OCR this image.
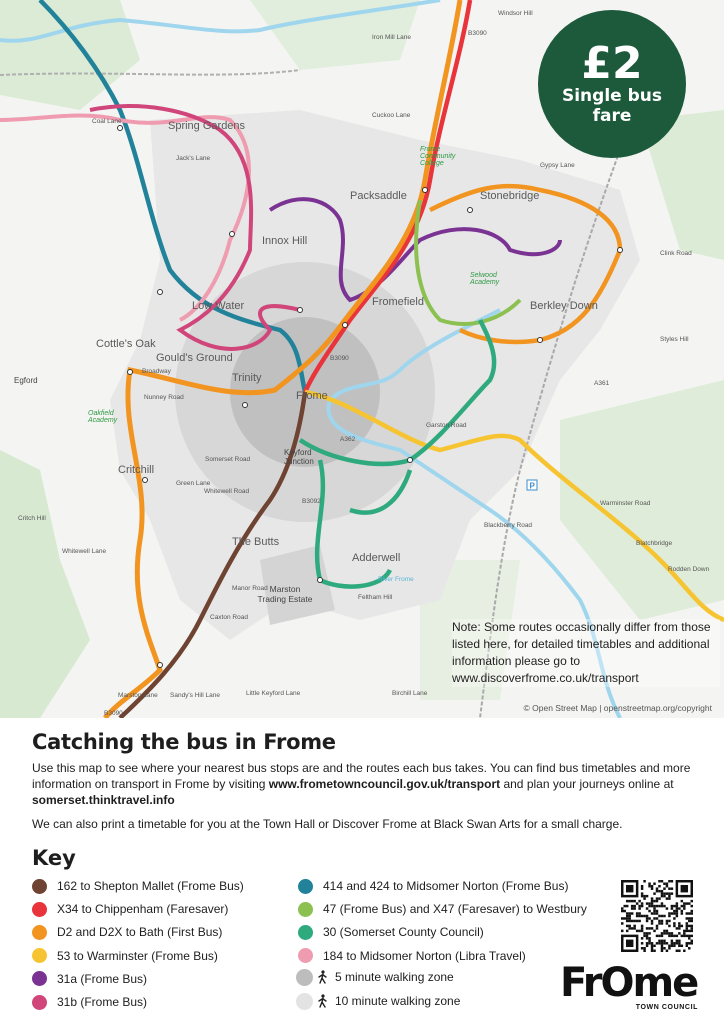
P
Spring Gardens
Innox Hill
Packsaddle	Stonebridge
Fromefield	Berkley Down
Low Water
Cottle's Oak
Gould's Ground
Trinity
Frome
Critchill
The Butts
Marston Trading Estate
Adderwell
Egford
Keyford Junction
Frome Community College
Selwood Academy
Oakfield Academy
B3090
B3090
B3092
B3090
A362
A361
Iron Mill Lane
Cuckoo Lane
Windsor Hill
Coal Lane
Jack's Lane
Nunney Road
Broadway
Somerset Road
Whitewell Road
Green Lane
Critch Hill
Whitewell Lane
Garston Road
Clink Road
Styles Hill
Warminster Road
Rodden Down
Blackberry Road
Feltham Hill
Sandy's Hill Lane	Little Keyford Lane
Manor Road
Caxton Road
Marston Lane	Birchill Lane
Gypsy Lane
River Frome
Blatchbridge
£2
Single bus fare
Note: Some routes occasionally differ from those listed here, for detailed timetables and additional information please go to www.discoverfrome.co.uk/transport
© Open Street Map | openstreetmap.org/copyright
Catching the bus in Frome

Use this map to see where your nearest bus stops are and the routes each bus takes. You can find bus timetables and more information on transport in Frome by visiting www.frometowncouncil.gov.uk/transport and plan your journeys online at somerset.thinktravel.info

We can also print a timetable for you at the Town Hall or Discover Frome at Black Swan Arts for a small charge.

Key
FrOme
TOWN COUNCIL
162 to Shepton Mallet (Frome Bus)
X34 to Chippenham (Faresaver)
D2 and D2X to Bath (First Bus)
53 to Warminster (Frome Bus)
31a (Frome Bus)
31b (Frome Bus)
414 and 424 to Midsomer Norton (Frome Bus)
47 (Frome Bus) and X47 (Faresaver) to Westbury
30 (Somerset County Council)
184 to Midsomer Norton (Libra Travel)
5 minute walking zone
10 minute walking zone
